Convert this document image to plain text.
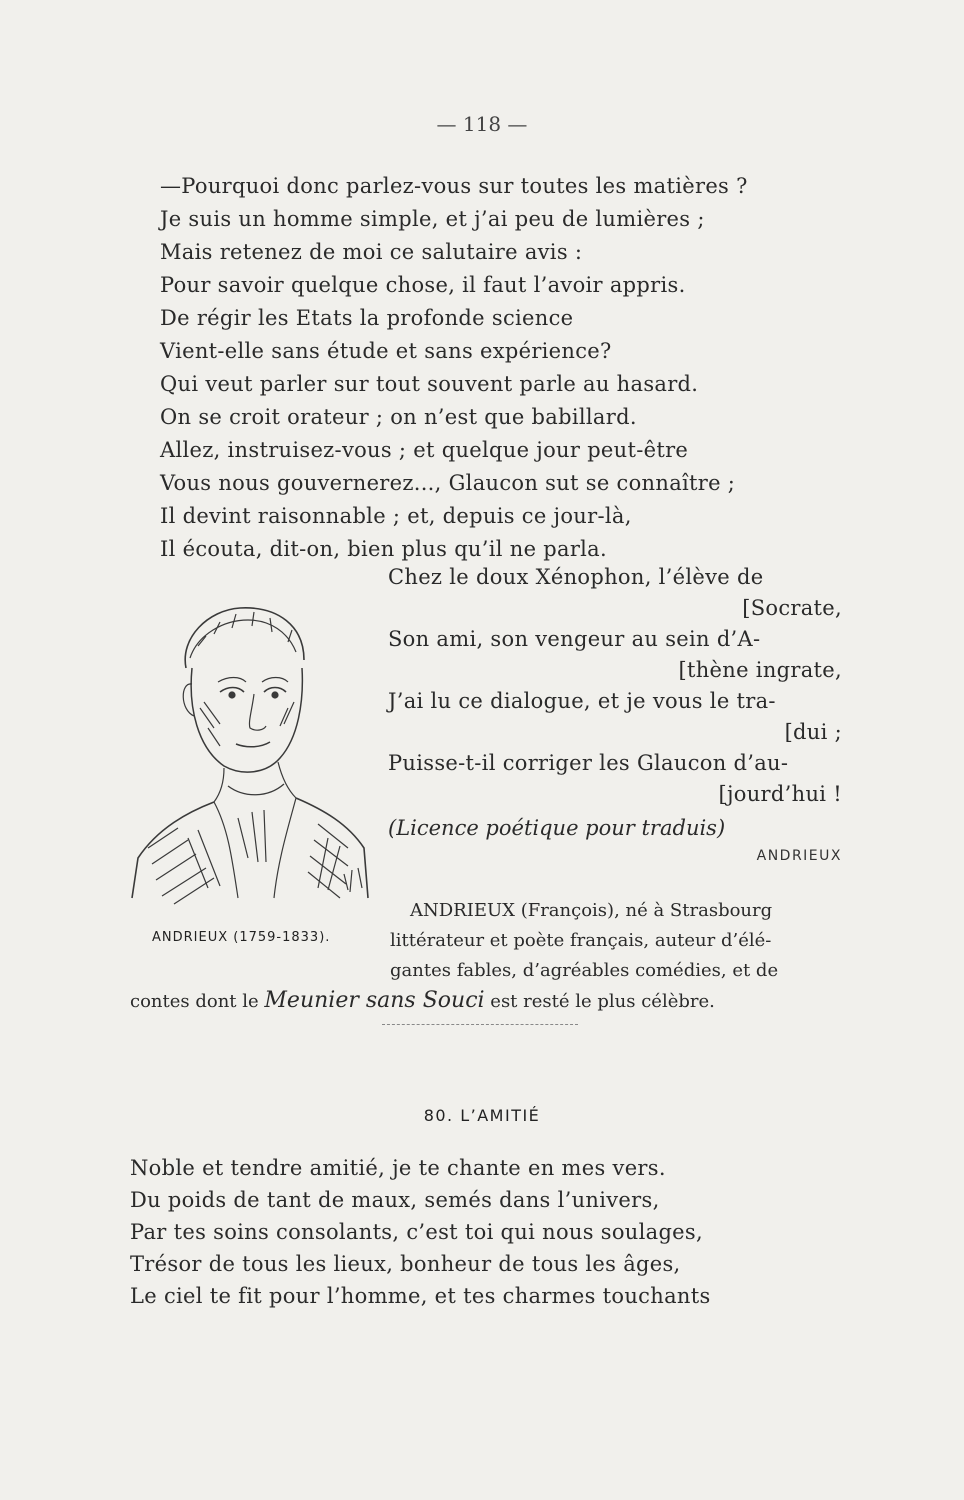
— 118 —
—Pourquoi donc parlez-vous sur toutes les matières ?
Je suis un homme simple, et j’ai peu de lumières ;
Mais retenez de moi ce salutaire avis :
Pour savoir quelque chose, il faut l’avoir appris.
De régir les Etats la profonde science
Vient-elle sans étude et sans expérience?
Qui veut parler sur tout souvent parle au hasard.
On se croit orateur ; on n’est que babillard.
Allez, instruisez-vous ; et quelque jour peut-être
Vous nous gouvernerez..., Glaucon sut se connaître ;
Il devint raisonnable ; et, depuis ce jour-là,
Il écouta, dit-on, bien plus qu’il ne parla.
Chez le doux Xénophon, l’élève de
[Socrate,
Son ami, son vengeur au sein d’A-
[thène ingrate,
J’ai lu ce dialogue, et je vous le tra-
[dui ;
Puisse-t-il corriger les Glaucon d’au-
[jourd’hui !
(Licence poétique pour traduis)
ANDRIEUX
ANDRIEUX (1759-1833).
ANDRIEUX (François), né à Strasbourg
littérateur et poète français, auteur d’élé-
gantes fables, d’agréables comédies, et de
contes dont le Meunier sans Souci est resté le plus célèbre.
80. L’AMITIÉ
Noble et tendre amitié, je te chante en mes vers.
Du poids de tant de maux, semés dans l’univers,
Par tes soins consolants, c’est toi qui nous soulages,
Trésor de tous les lieux, bonheur de tous les âges,
Le ciel te fit pour l’homme, et tes charmes touchants
